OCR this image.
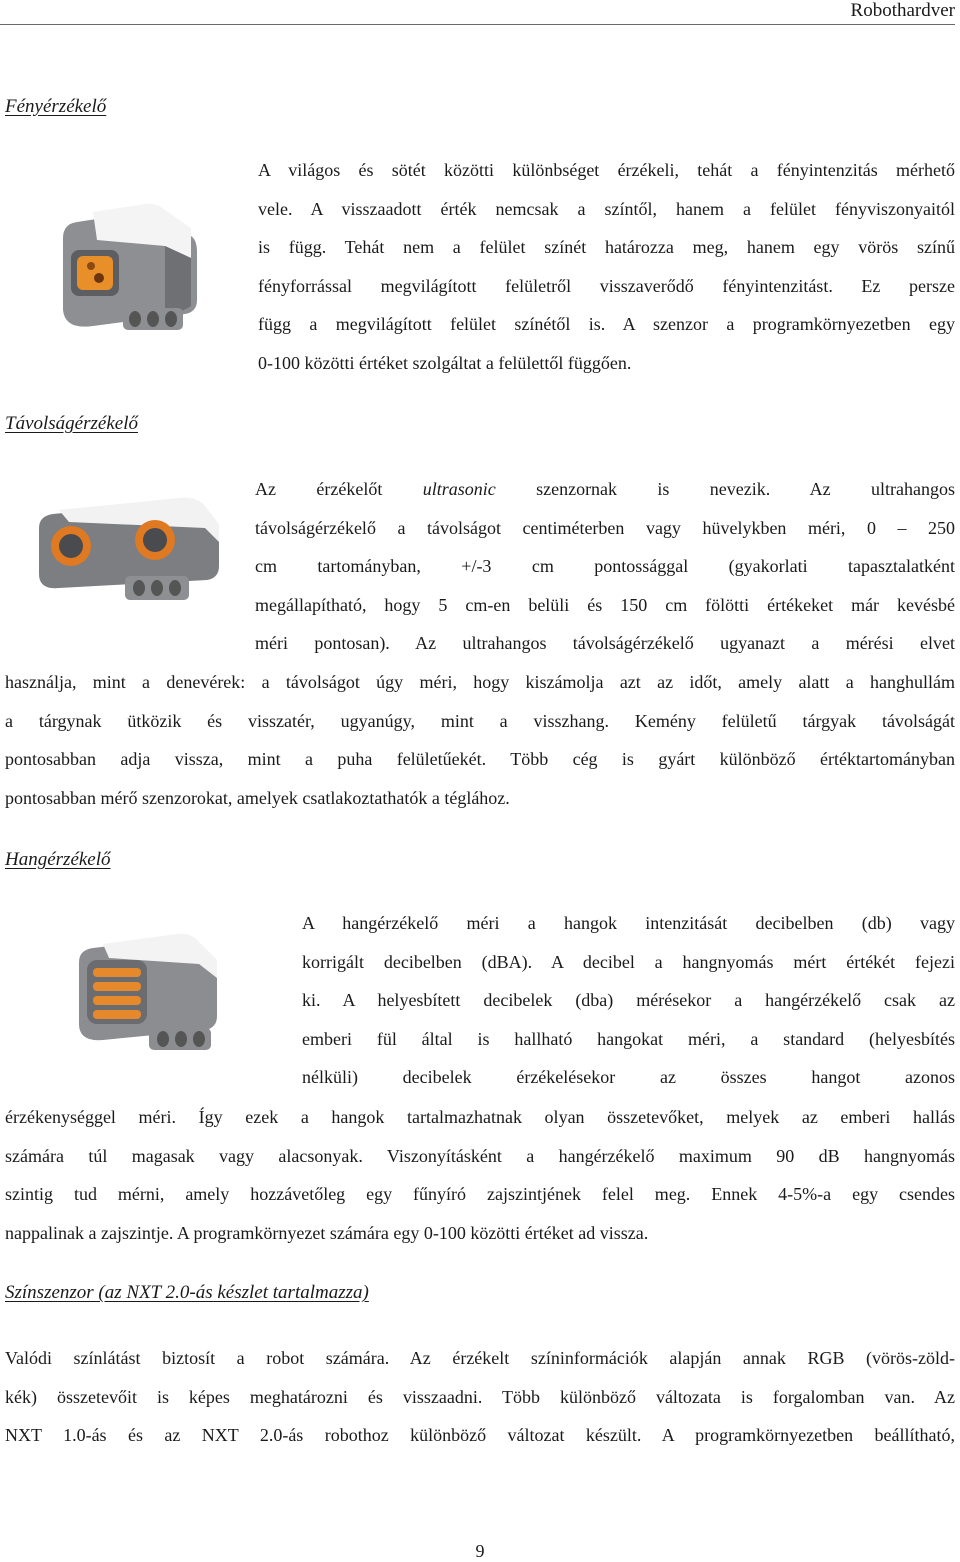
Robothardver
Fényérzékelő
A világos és sötét közötti különbséget érzékeli, tehát a fényintenzitás mérhető
vele. A visszaadott érték nemcsak a színtől, hanem a felület fényviszonyaitól
is függ. Tehát nem a felület színét határozza meg, hanem egy vörös színű
fényforrással megvilágított felületről visszaverődő fényintenzitást. Ez persze
függ a megvilágított felület színétől is. A szenzor a programkörnyezetben egy
0-100 közötti értéket szolgáltat a felülettől függően.
Távolságérzékelő
Az érzékelőt ultrasonic szenzornak is nevezik. Az ultrahangos
távolságérzékelő a távolságot centiméterben vagy hüvelykben méri, 0 – 250
cm tartományban, +/-3 cm pontossággal (gyakorlati tapasztalatként
megállapítható, hogy 5 cm-en belüli és 150 cm fölötti értékeket már kevésbé
méri pontosan). Az ultrahangos távolságérzékelő ugyanazt a mérési elvet
használja, mint a denevérek: a távolságot úgy méri, hogy kiszámolja azt az időt, amely alatt a hanghullám
a tárgynak ütközik és visszatér, ugyanúgy, mint a visszhang. Kemény felületű tárgyak távolságát
pontosabban adja vissza, mint a puha felületűekét. Több cég is gyárt különböző értéktartományban
pontosabban mérő szenzorokat, amelyek csatlakoztathatók a téglához.
Hangérzékelő
A hangérzékelő méri a hangok intenzitását decibelben (db) vagy
korrigált decibelben (dBA). A decibel a hangnyomás mért értékét fejezi
ki. A helyesbített decibelek (dba) mérésekor a hangérzékelő csak az
emberi fül által is hallható hangokat méri, a standard (helyesbítés
nélküli) decibelek érzékelésekor az összes hangot azonos
érzékenységgel méri. Így ezek a hangok tartalmazhatnak olyan összetevőket, melyek az emberi hallás
számára túl magasak vagy alacsonyak. Viszonyításként a hangérzékelő maximum 90 dB hangnyomás
szintig tud mérni, amely hozzávetőleg egy fűnyíró zajszintjének felel meg. Ennek 4-5%-a egy csendes
nappalinak a zajszintje. A programkörnyezet számára egy 0-100 közötti értéket ad vissza.
Színszenzor (az NXT 2.0-ás készlet tartalmazza)
Valódi színlátást biztosít a robot számára. Az érzékelt színinformációk alapján annak RGB (vörös-zöld-
kék) összetevőit is képes meghatározni és visszaadni. Több különböző változata is forgalomban van. Az
NXT 1.0-ás és az NXT 2.0-ás robothoz különböző változat készült. A programkörnyezetben beállítható,
9
